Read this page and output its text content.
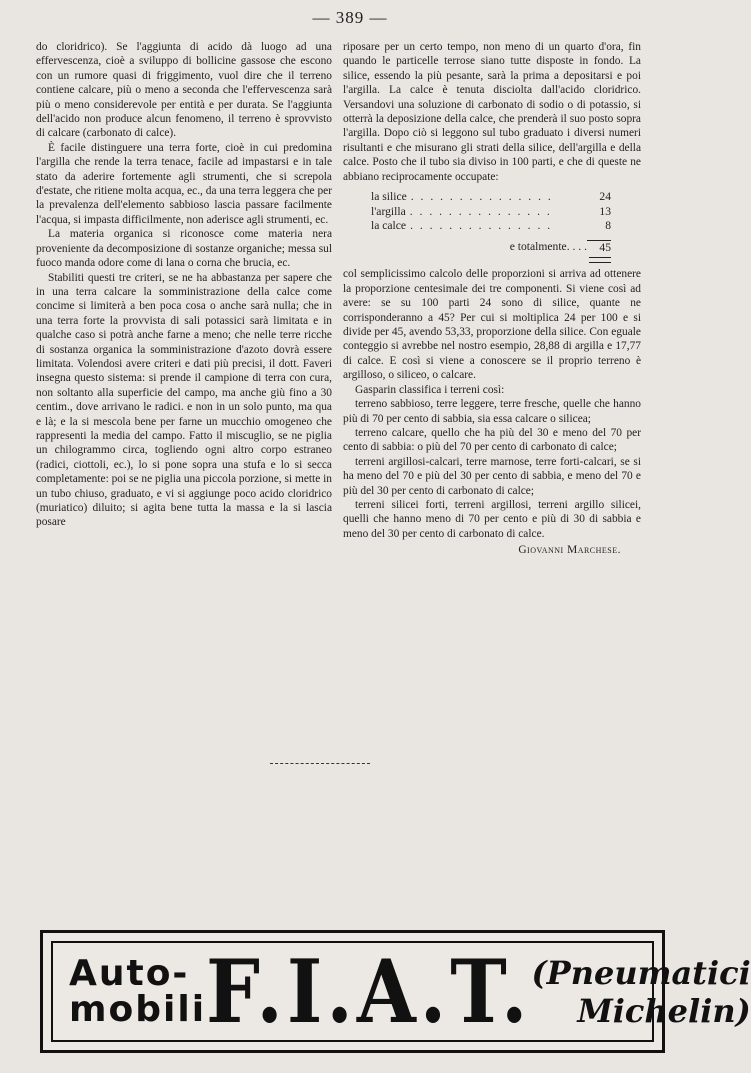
— 389 —

do cloridrico). Se l'aggiunta di acido dà luogo ad una effervescenza, cioè a sviluppo di bollicine gassose che escono con un rumore quasi di friggimento, vuol dire che il terreno contiene calcare, più o meno a seconda che l'effervescenza sarà più o meno considerevole per entità e per durata. Se l'aggiunta dell'acido non produce alcun fenomeno, il terreno è sprovvisto di calcare (carbonato di calce).

È facile distinguere una terra forte, cioè in cui predomina l'argilla che rende la terra tenace, facile ad impastarsi e in tale stato da aderire fortemente agli strumenti, che si screpola d'estate, che ritiene molta acqua, ec., da una terra leggera che per la prevalenza dell'elemento sabbioso lascia passare facilmente l'acqua, si impasta difficilmente, non aderisce agli strumenti, ec.

La materia organica si riconosce come materia nera proveniente da decomposizione di sostanze organiche; messa sul fuoco manda odore come di lana o corna che brucia, ec.

Stabiliti questi tre criteri, se ne ha abbastanza per sapere che in una terra calcare la somministrazione della calce come concime si limiterà a ben poca cosa o anche sarà nulla; che in una terra forte la provvista di sali potassici sarà limitata e in qualche caso si potrà anche farne a meno; che nelle terre ricche di sostanza organica la somministrazione d'azoto dovrà essere limitata. Volendosi avere criteri e dati più precisi, il dott. Faveri insegna questo sistema: si prende il campione di terra con cura, non soltanto alla superficie del campo, ma anche giù fino a 30 centim., dove arrivano le radici. e non in un solo punto, ma qua e là; e la si mescola bene per farne un mucchio omogeneo che rappresenti la media del campo. Fatto il miscuglio, se ne piglia un chilogrammo circa, togliendo ogni altro corpo estraneo (radici, ciottoli, ec.), lo si pone sopra una stufa e lo si secca completamente: poi se ne piglia una piccola porzione, si mette in un tubo chiuso, graduato, e vi si aggiunge poco acido cloridrico (muriatico) diluito; si agita bene tutta la massa e la si lascia posare

riposare per un certo tempo, non meno di un quarto d'ora, fin quando le particelle terrose siano tutte disposte in fondo. La silice, essendo la più pesante, sarà la prima a depositarsi e poi l'argilla. La calce è tenuta disciolta dall'acido cloridrico. Versandovi una soluzione di carbonato di sodio o di potassio, si otterrà la deposizione della calce, che prenderà il suo posto sopra l'argilla. Dopo ciò si leggono sul tubo graduato i diversi numeri risultanti e che misurano gli strati della silice, dell'argilla e della calce. Posto che il tubo sia diviso in 100 parti, e che di queste ne abbiano reciprocamente occupate:

la silice . . . . . . . . . . . . . . .	24
l'argilla . . . . . . . . . . . . . . .	13
la calce . . . . . . . . . . . . . . .	8
e totalmente. . . .	45

col semplicissimo calcolo delle proporzioni si arriva ad ottenere la proporzione centesimale dei tre componenti. Si viene così ad avere: se su 100 parti 24 sono di silice, quante ne corrisponderanno a 45? Per cui si moltiplica 24 per 100 e si divide per 45, avendo 53,33, proporzione della silice. Con eguale conteggio si avrebbe nel nostro esempio, 28,88 di argilla e 17,77 di calce. E così si viene a conoscere se il proprio terreno è argilloso, o siliceo, o calcare.

Gasparin classifica i terreni così:

terreno sabbioso, terre leggere, terre fresche, quelle che hanno più di 70 per cento di sabbia, sia essa calcare o silicea;

terreno calcare, quello che ha più del 30 e meno del 70 per cento di sabbia: o più del 70 per cento di carbonato di calce;

terreni argillosi-calcari, terre marnose, terre forti-calcari, se si ha meno del 70 e più del 30 per cento di sabbia, e meno del 70 e più del 30 per cento di carbonato di calce;

terreni silicei forti, terreni argillosi, terreni argillo silicei, quelli che hanno meno di 70 per cento e più di 30 di sabbia e meno del 30 per cento di carbonato di calce.

Giovanni Marchese.
Auto-
mobili F.I.A.T. (Pneumatici
Michelin)
